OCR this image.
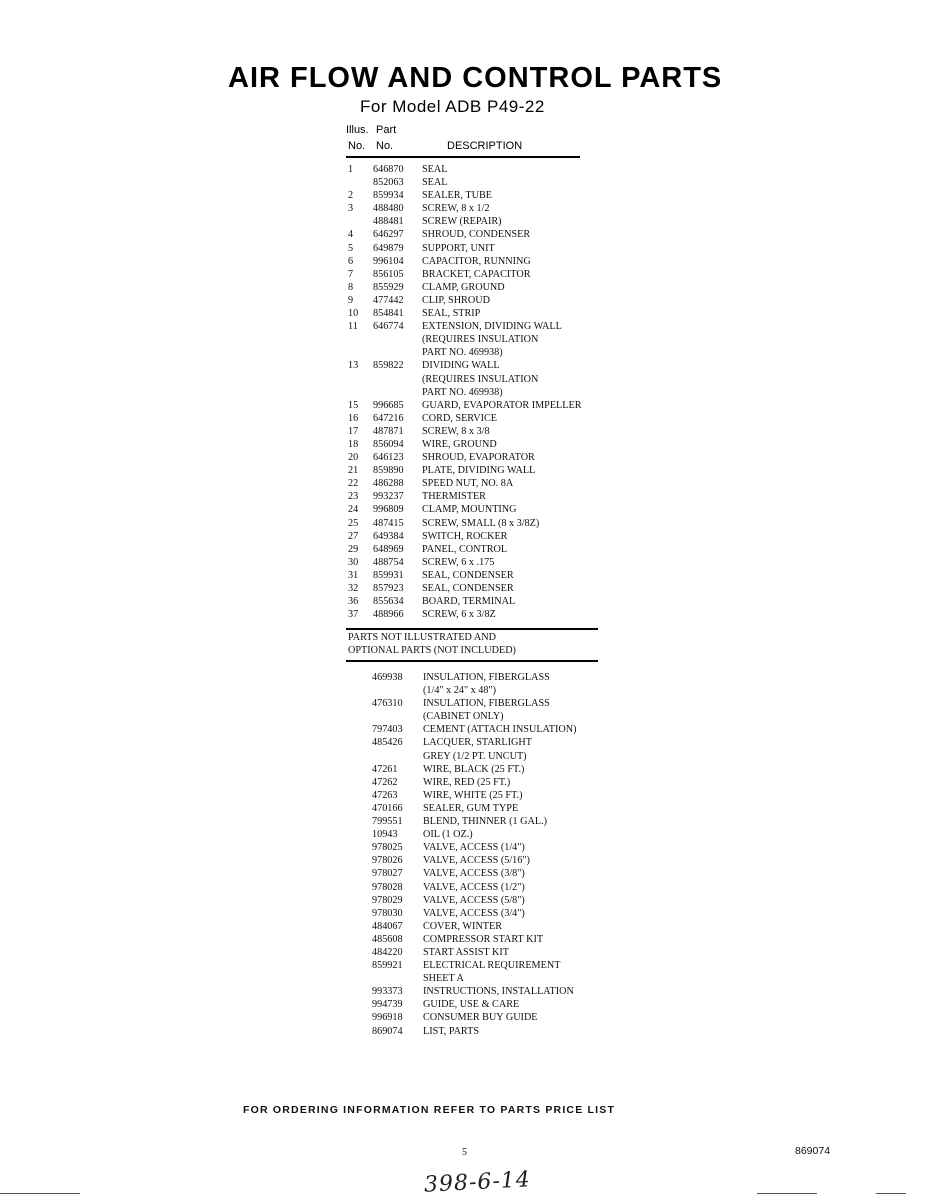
AIR FLOW AND CONTROL PARTS
For Model ADB P49-22
Illus. Part
No. No.	DESCRIPTION
1	646870	SEAL
852063	SEAL
2	859934	SEALER, TUBE
3	488480	SCREW, 8 x 1/2
488481	SCREW (REPAIR)
4	646297	SHROUD, CONDENSER
5	649879	SUPPORT, UNIT
6	996104	CAPACITOR, RUNNING
7	856105	BRACKET, CAPACITOR
8	855929	CLAMP, GROUND
9	477442	CLIP, SHROUD
10	854841	SEAL, STRIP
11	646774	EXTENSION, DIVIDING WALL
(REQUIRES INSULATION
PART NO. 469938)
13	859822	DIVIDING WALL
(REQUIRES INSULATION
PART NO. 469938)
15	996685	GUARD, EVAPORATOR IMPELLER
16	647216	CORD, SERVICE
17	487871	SCREW, 8 x 3/8
18	856094	WIRE, GROUND
20	646123	SHROUD, EVAPORATOR
21	859890	PLATE, DIVIDING WALL
22	486288	SPEED NUT, NO. 8A
23	993237	THERMISTER
24	996809	CLAMP, MOUNTING
25	487415	SCREW, SMALL (8 x 3/8Z)
27	649384	SWITCH, ROCKER
29	648969	PANEL, CONTROL
30	488754	SCREW, 6 x .175
31	859931	SEAL, CONDENSER
32	857923	SEAL, CONDENSER
36	855634	BOARD, TERMINAL
37	488966	SCREW, 6 x 3/8Z
PARTS NOT ILLUSTRATED AND
OPTIONAL PARTS (NOT INCLUDED)
469938	INSULATION, FIBERGLASS
(1/4" x 24" x 48")
476310	INSULATION, FIBERGLASS
(CABINET ONLY)
797403	CEMENT (ATTACH INSULATION)
485426	LACQUER, STARLIGHT
GREY (1/2 PT. UNCUT)
47261	WIRE, BLACK (25 FT.)
47262	WIRE, RED (25 FT.)
47263	WIRE, WHITE (25 FT.)
470166	SEALER, GUM TYPE
799551	BLEND, THINNER (1 GAL.)
10943	OIL (1 OZ.)
978025	VALVE, ACCESS (1/4")
978026	VALVE, ACCESS (5/16")
978027	VALVE, ACCESS (3/8")
978028	VALVE, ACCESS (1/2")
978029	VALVE, ACCESS (5/8")
978030	VALVE, ACCESS (3/4")
484067	COVER, WINTER
485608	COMPRESSOR START KIT
484220	START ASSIST KIT
859921	ELECTRICAL REQUIREMENT
SHEET A
993373	INSTRUCTIONS, INSTALLATION
994739	GUIDE, USE & CARE
996918	CONSUMER BUY GUIDE
869074	LIST, PARTS
FOR ORDERING INFORMATION REFER TO PARTS PRICE LIST
5	869074
398-6-14
